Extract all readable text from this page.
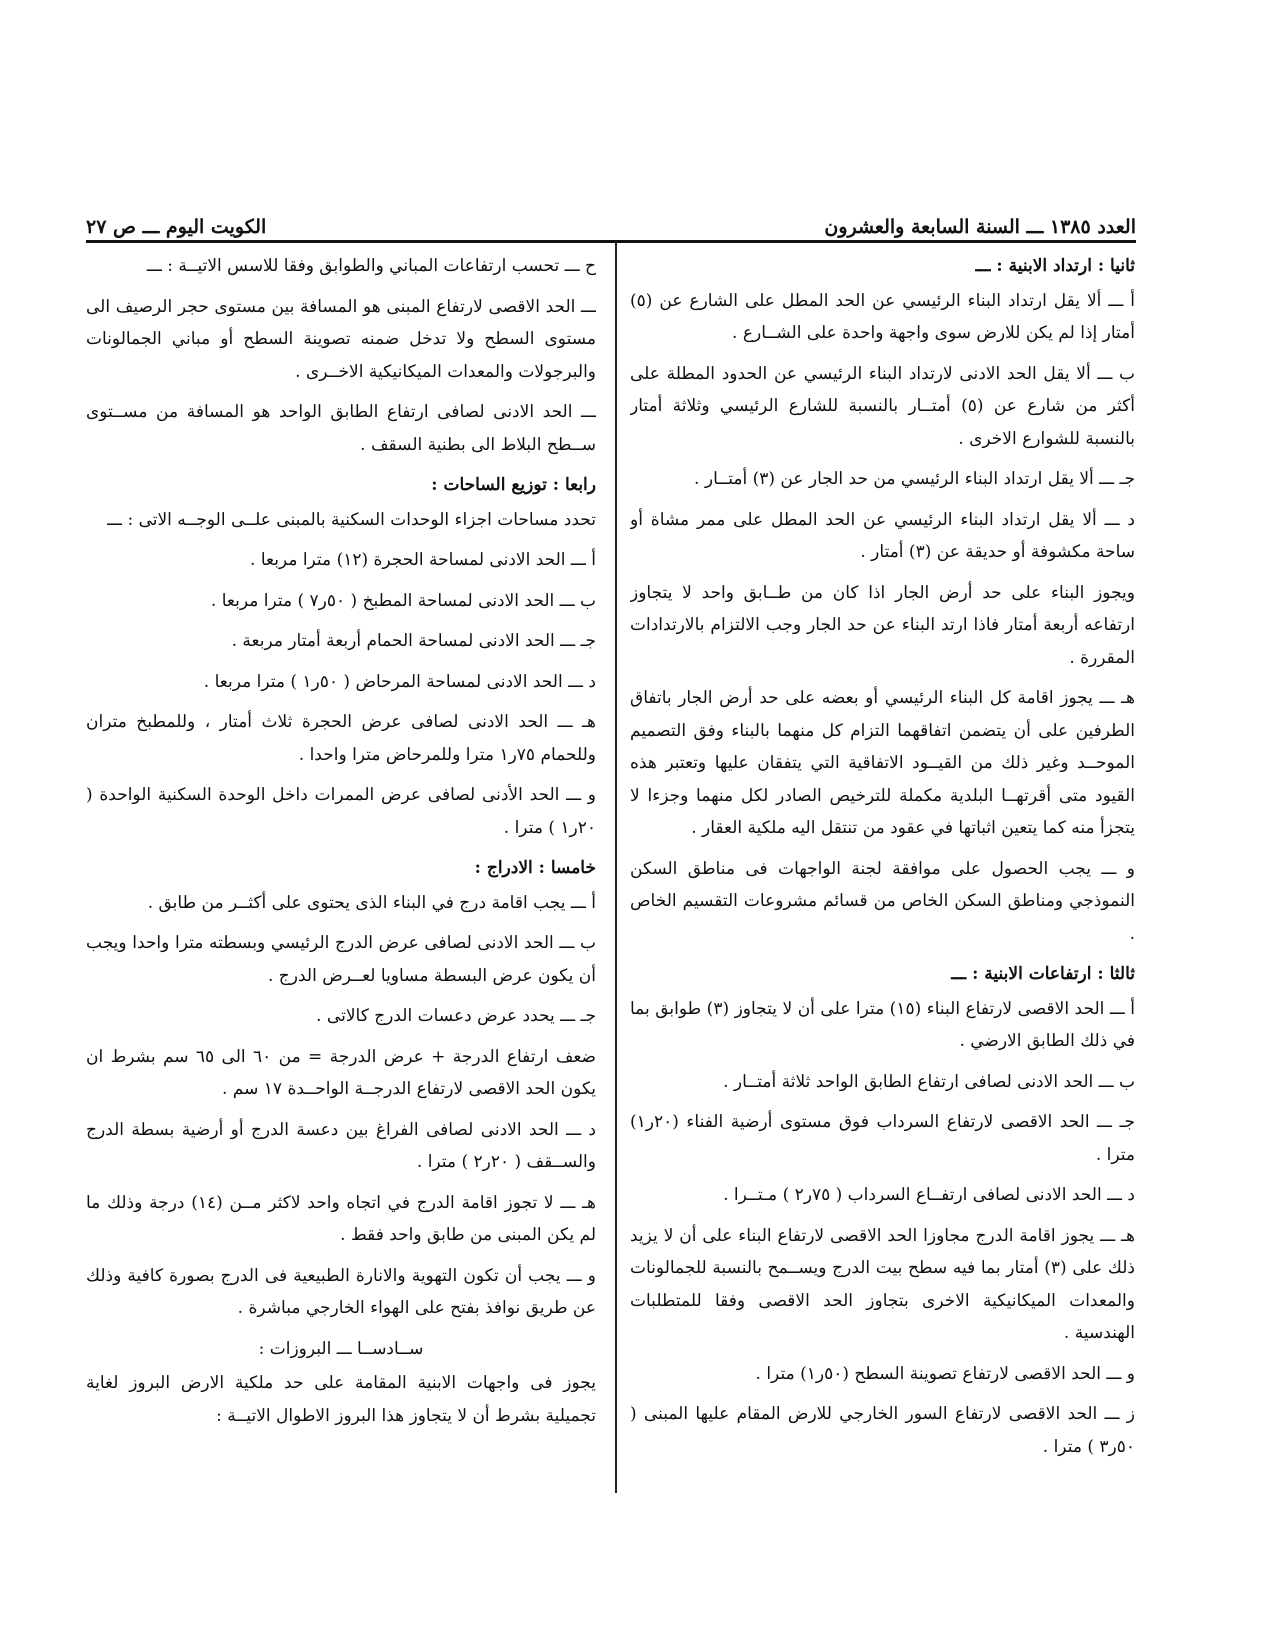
العدد ١٣٨٥ ـــ السنة السابعة والعشرون
الكويت اليوم ـــ ص ٢٧

ثانيا : ارتداد الابنية : ـــ

أ ـــ ألا يقل ارتداد البناء الرئيسي عن الحد المطل على الشارع عن (٥) أمتار إذا لم يكن للارض سوى واجهة واحدة على الشــارع .

ب ـــ ألا يقل الحد الادنى لارتداد البناء الرئيسي عن الحدود المطلة على أكثر من شارع عن (٥) أمتــار بالنسبة للشارع الرئيسي وثلاثة أمتار بالنسبة للشوارع الاخرى .

جـ ـــ ألا يقل ارتداد البناء الرئيسي من حد الجار عن (٣) أمتــار .

د ـــ ألا يقل ارتداد البناء الرئيسي عن الحد المطل على ممر مشاة أو ساحة مكشوفة أو حديقة عن (٣) أمتار .

ويجوز البناء على حد أرض الجار اذا كان من طــابق واحد لا يتجاوز ارتفاعه أربعة أمتار فاذا ارتد البناء عن حد الجار وجب الالتزام بالارتدادات المقررة .

هـ ـــ يجوز اقامة كل البناء الرئيسي أو بعضه على حد أرض الجار باتفاق الطرفين على أن يتضمن اتفاقهما التزام كل منهما بالبناء وفق التصميم الموحــد وغير ذلك من القيــود الاتفاقية التي يتفقان عليها وتعتبر هذه القيود متى أقرتهــا البلدية مكملة للترخيص الصادر لكل منهما وجزءا لا يتجزأ منه كما يتعين اثباتها في عقود من تنتقل اليه ملكية العقار .

و ـــ يجب الحصول على موافقة لجنة الواجهات فى مناطق السكن النموذجي ومناطق السكن الخاص من قسائم مشروعات التقسيم الخاص .

ثالثا : ارتفاعات الابنية : ـــ

أ ـــ الحد الاقصى لارتفاع البناء (١٥) مترا على أن لا يتجاوز (٣) طوابق بما في ذلك الطابق الارضي .

ب ـــ الحد الادنى لصافى ارتفاع الطابق الواحد ثلاثة أمتــار .

جـ ـــ الحد الاقصى لارتفاع السرداب فوق مستوى أرضية الفناء (٢٠ر١) مترا .

د ـــ الحد الادنى لصافى ارتفــاع السرداب ( ٧٥ر٢ ) مـتــرا .

هـ ـــ يجوز اقامة الدرج مجاوزا الحد الاقصى لارتفاع البناء على أن لا يزيد ذلك على (٣) أمتار بما فيه سطح بيت الدرج ويســمح بالنسبة للجمالونات والمعدات الميكانيكية الاخرى بتجاوز الحد الاقصى وفقا للمتطلبات الهندسية .

و ـــ الحد الاقصى لارتفاع تصوينة السطح (٥٠ر١) مترا .

ز ـــ الحد الاقصى لارتفاع السور الخارجي للارض المقام عليها المبنى ( ٥٠ر٣ ) مترا .

ح ـــ تحسب ارتفاعات المباني والطوابق وفقا للاسس الاتيــة : ـــ

ـــ الحد الاقصى لارتفاع المبنى هو المسافة بين مستوى حجر الرصيف الى مستوى السطح ولا تدخل ضمنه تصوينة السطح أو مباني الجمالونات والبرجولات والمعدات الميكانيكية الاخــرى .

ـــ الحد الادنى لصافى ارتفاع الطابق الواحد هو المسافة من مســتوى ســطح البلاط الى بطنية السقف .

رابعا : توزيع الساحات :

تحدد مساحات اجزاء الوحدات السكنية بالمبنى علــى الوجــه الاتى : ـــ

أ ـــ الحد الادنى لمساحة الحجرة (١٢) مترا مربعا .

ب ـــ الحد الادنى لمساحة المطبخ ( ٥٠ر٧ ) مترا مربعا .

جـ ـــ الحد الادنى لمساحة الحمام أربعة أمتار مربعة .

د ـــ الحد الادنى لمساحة المرحاض ( ٥٠ر١ ) مترا مربعا .

هـ ـــ الحد الادنى لصافى عرض الحجرة ثلاث أمتار ، وللمطبخ متران وللحمام ٧٥ر١ مترا وللمرحاض مترا واحدا .

و ـــ الحد الأدنى لصافى عرض الممرات داخل الوحدة السكنية الواحدة ( ٢٠ر١ ) مترا .

خامسا : الادراج :

أ ـــ يجب اقامة درج في البناء الذى يحتوى على أكثــر من طابق .

ب ـــ الحد الادنى لصافى عرض الدرج الرئيسي وبسطته مترا واحدا ويجب أن يكون عرض البسطة مساويا لعــرض الدرج .

جـ ـــ يحدد عرض دعسات الدرج كالاتى .

ضعف ارتفاع الدرجة + عرض الدرجة = من ٦٠ الى ٦٥ سم بشرط ان يكون الحد الاقصى لارتفاع الدرجــة الواحــدة ١٧ سم .

د ـــ الحد الادنى لصافى الفراغ بين دعسة الدرج أو أرضية بسطة الدرج والســقف ( ٢٠ر٢ ) مترا .

هـ ـــ لا تجوز اقامة الدرج في اتجاه واحد لاكثر مــن (١٤) درجة وذلك ما لم يكن المبنى من طابق واحد فقط .

و ـــ يجب أن تكون التهوية والانارة الطبيعية فى الدرج بصورة كافية وذلك عن طريق نوافذ بفتح على الهواء الخارجي مباشرة .

ســادســا ـــ البروزات :

يجوز فى واجهات الابنية المقامة على حد ملكية الارض البروز لغاية تجميلية بشرط أن لا يتجاوز هذا البروز الاطوال الاتيــة :
